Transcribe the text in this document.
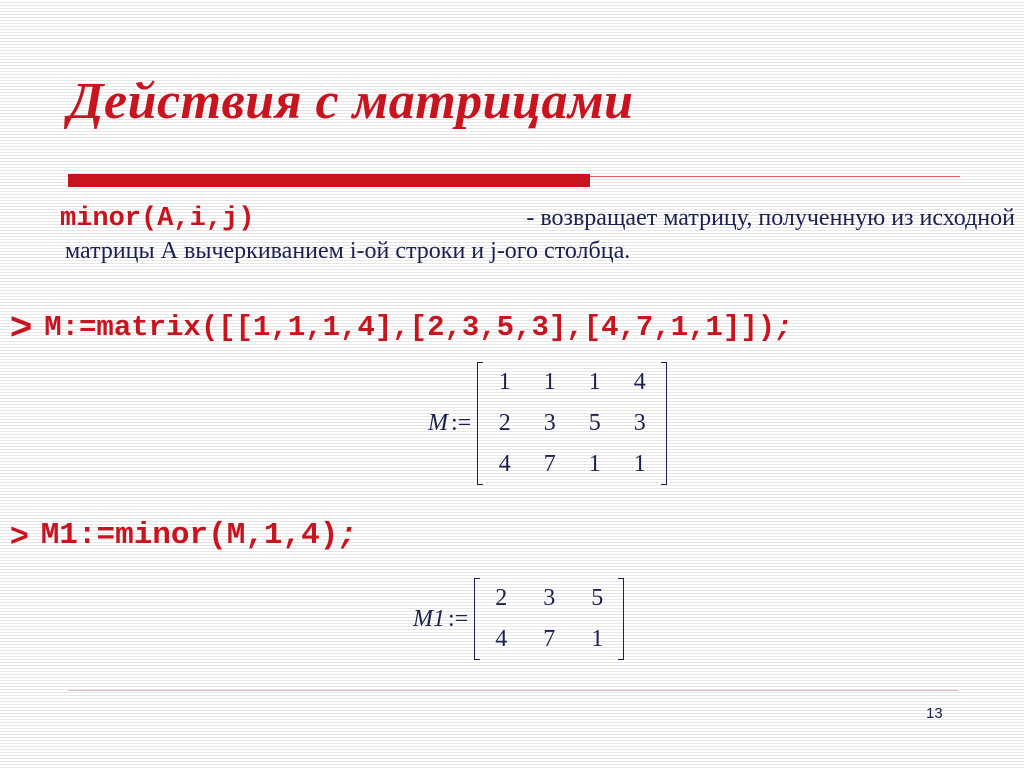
Действия с матрицами
minor(A,i,j)	- возвращает матрицу, полученную из исходной
матрицы А вычеркиванием i-ой строки и j-ого столбца.
> M:=matrix([[1,1,1,4],[2,3,5,3],[4,7,1,1]]) ;
M :=
1	1	1	4
2	3	5	3
4	7	1	1
> M1:=minor(M,1,4) ;
M1 :=
2	3	5
4	7	1
13
